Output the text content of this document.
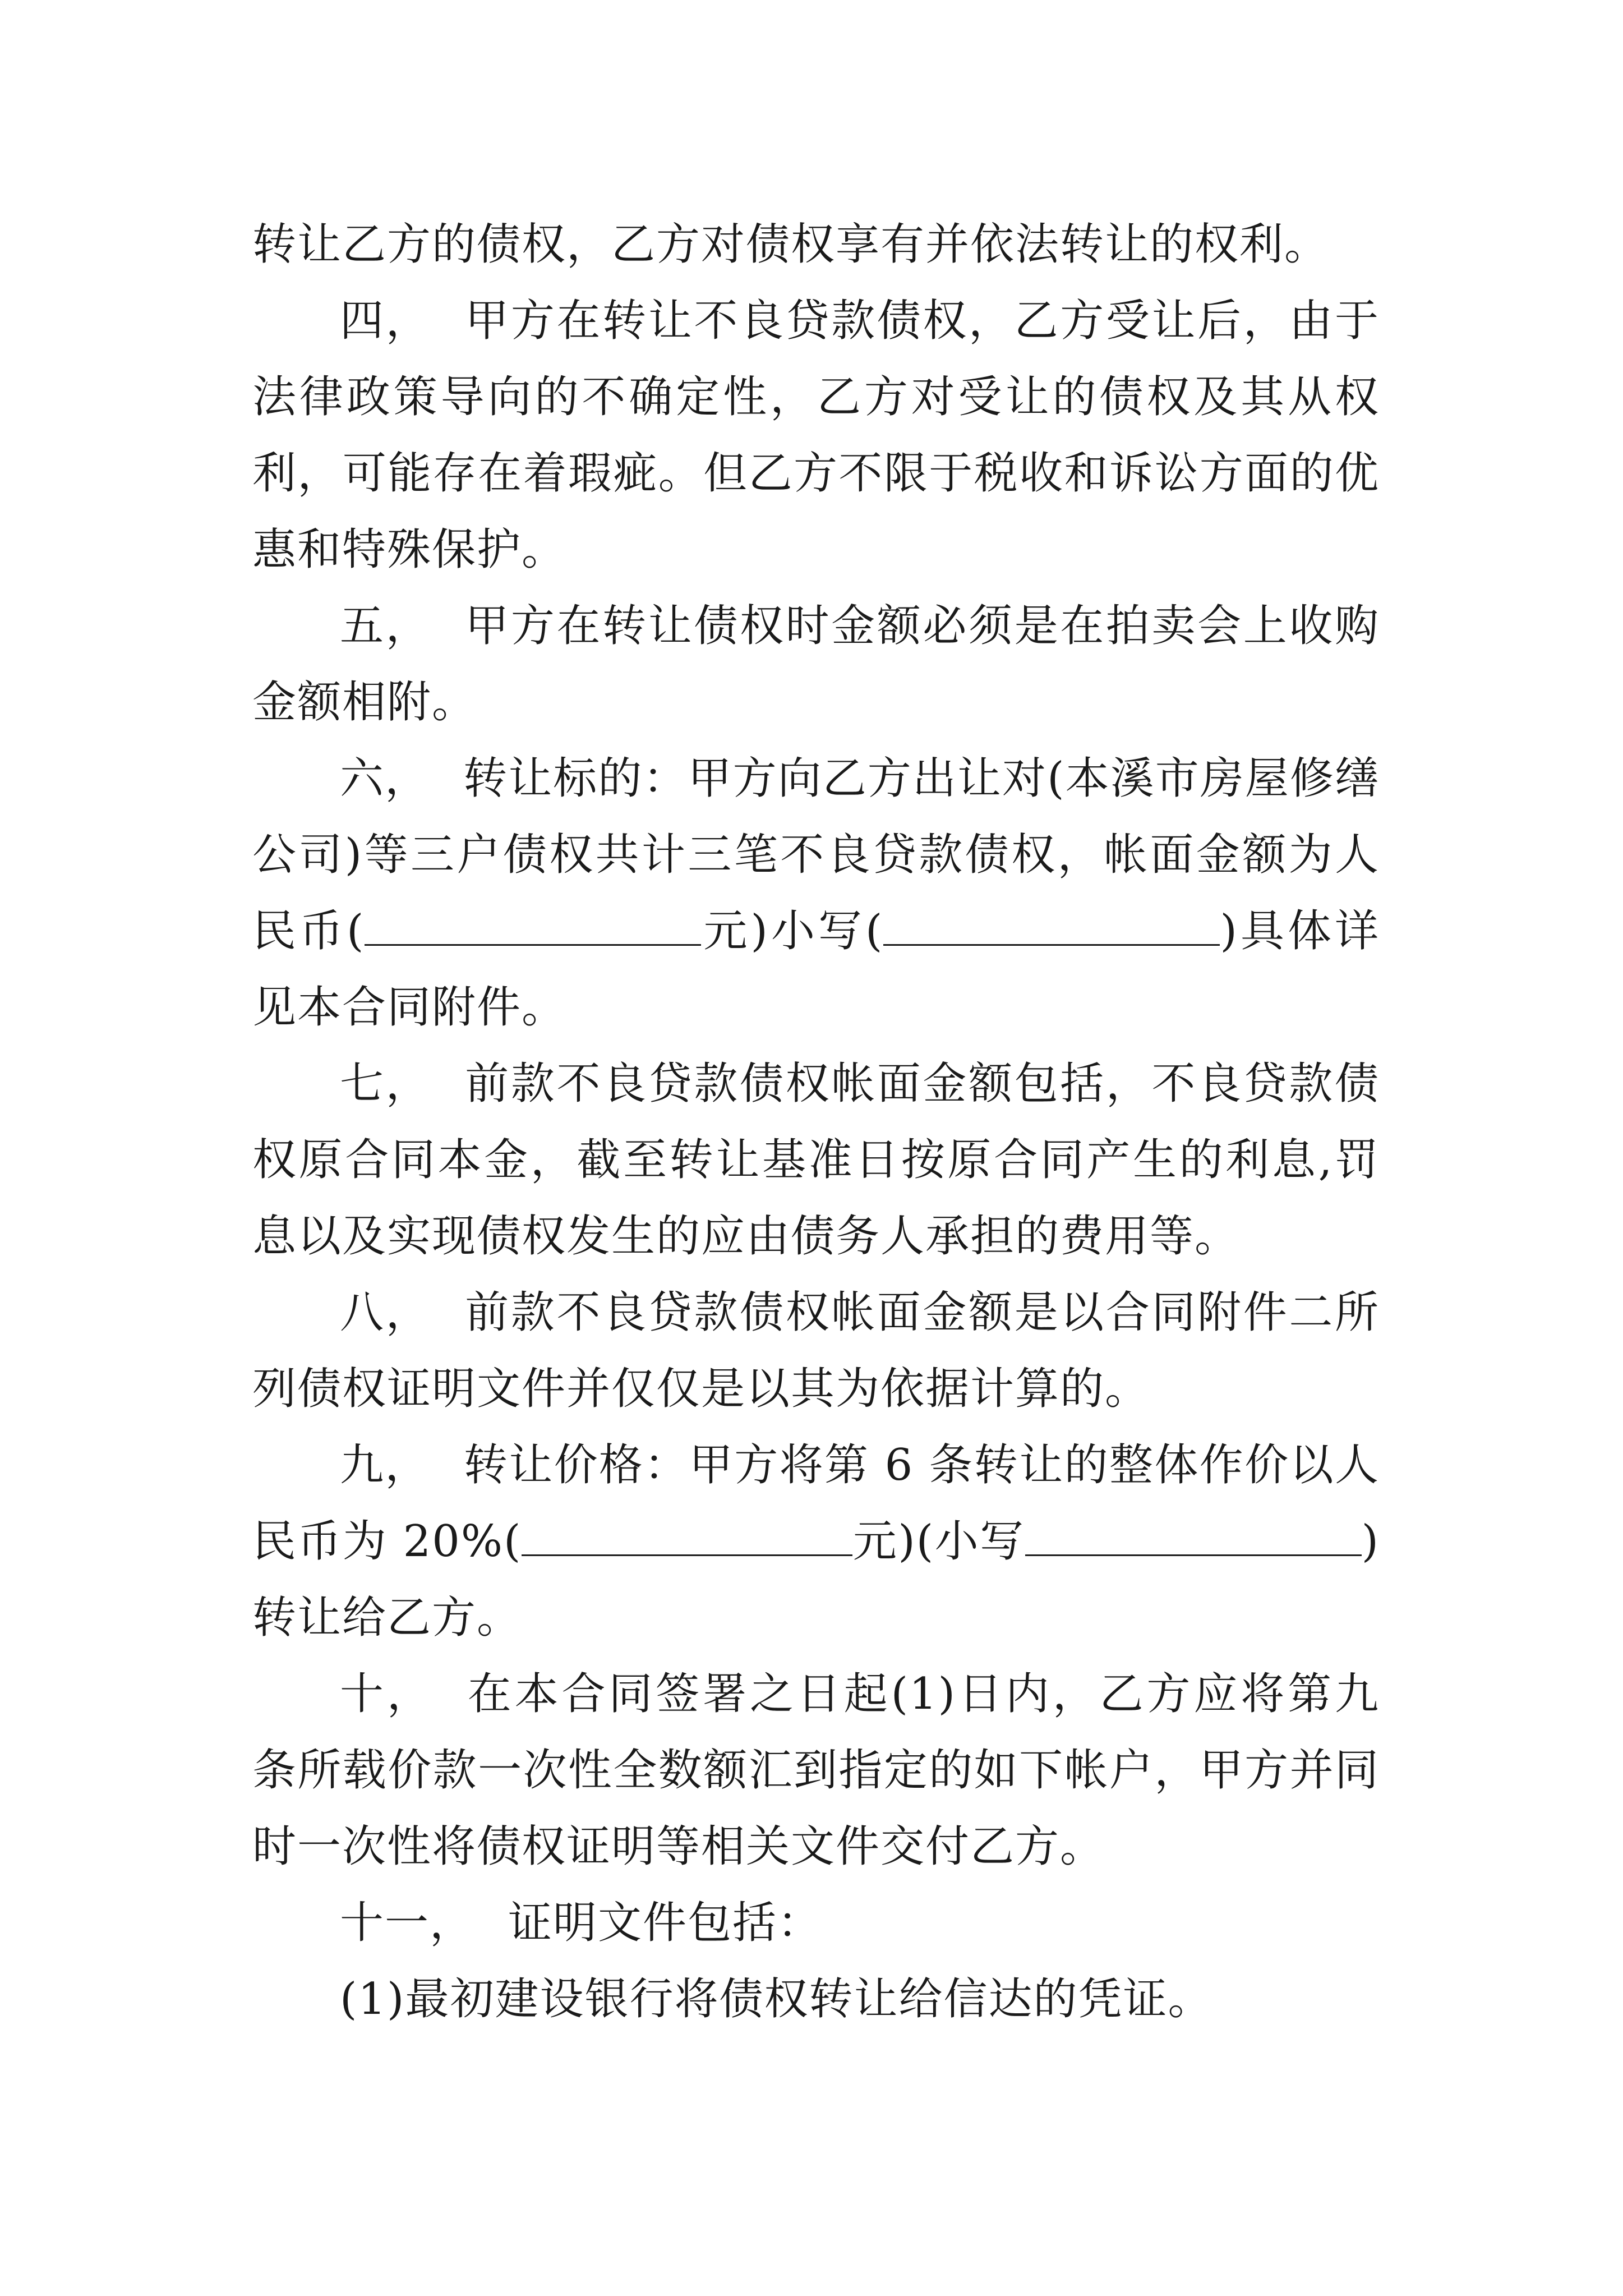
转让乙方的债权，乙方对债权享有并依法转让的权利。

四， 甲方在转让不良贷款债权，乙方受让后，由于法律政策导向的不确定性，乙方对受让的债权及其从权利，可能存在着瑕疵。但乙方不限于税收和诉讼方面的优惠和特殊保护。

五， 甲方在转让债权时金额必须是在拍卖会上收购金额相附。

六， 转让标的：甲方向乙方出让对(本溪市房屋修缮公司)等三户债权共计三笔不良贷款债权，帐面金额为人民币(	元)小写(	)具体详见本合同附件。

七， 前款不良贷款债权帐面金额包括，不良贷款债权原合同本金，截至转让基准日按原合同产生的利息,罚息以及实现债权发生的应由债务人承担的费用等。

八， 前款不良贷款债权帐面金额是以合同附件二所列债权证明文件并仅仅是以其为依据计算的。

九， 转让价格：甲方将第 6 条转让的整体作价以人民币为 20%(	元)(小写	)转让给乙方。

十， 在本合同签署之日起(1)日内，乙方应将第九条所载价款一次性全数额汇到指定的如下帐户，甲方并同时一次性将债权证明等相关文件交付乙方。

十一， 证明文件包括：

(1)最初建设银行将债权转让给信达的凭证。
